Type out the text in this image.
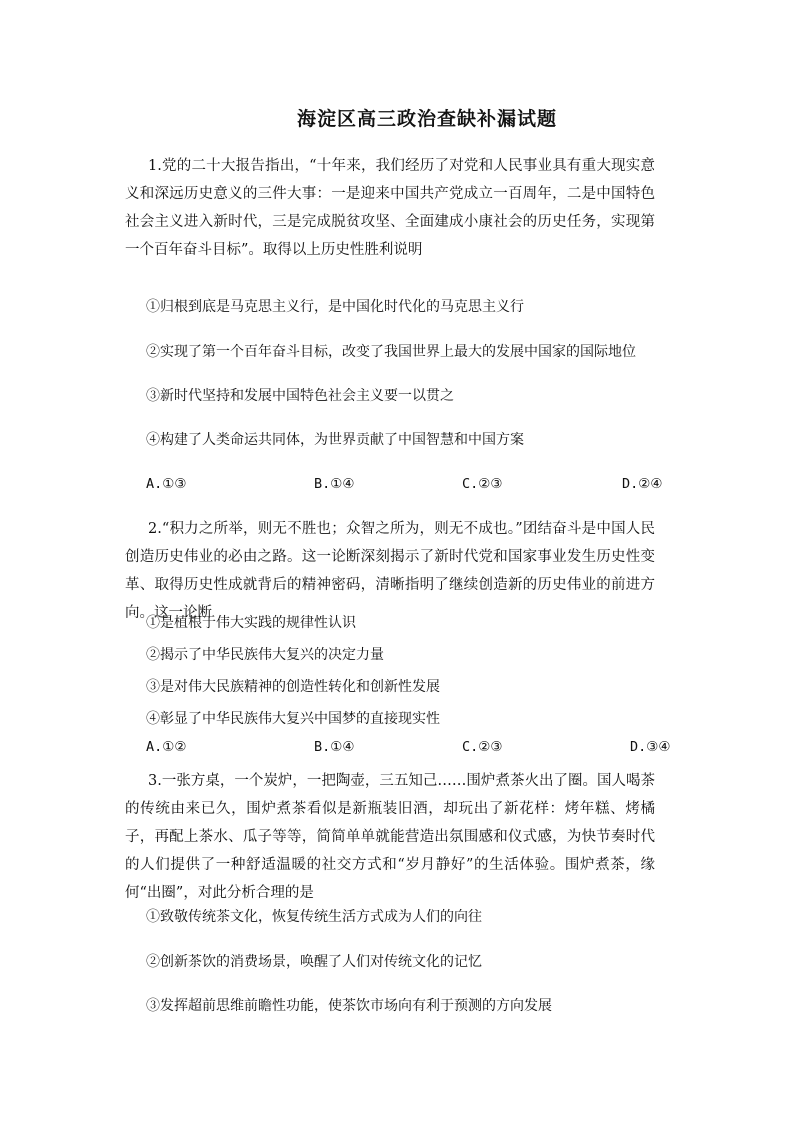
海淀区高三政治查缺补漏试题
1.党的二十大报告指出，“十年来，我们经历了对党和人民事业具有重大现实意义和深远历史意义的三件大事：一是迎来中国共产党成立一百周年，二是中国特色社会主义进入新时代，三是完成脱贫攻坚、全面建成小康社会的历史任务，实现第一个百年奋斗目标”。取得以上历史性胜利说明
①归根到底是马克思主义行，是中国化时代化的马克思主义行
②实现了第一个百年奋斗目标，改变了我国世界上最大的发展中国家的国际地位
③新时代坚持和发展中国特色社会主义要一以贯之
④构建了人类命运共同体，为世界贡献了中国智慧和中国方案
A.①③	B.①④	C.②③	D.②④
2.“积力之所举，则无不胜也；众智之所为，则无不成也。”团结奋斗是中国人民创造历史伟业的必由之路。这一论断深刻揭示了新时代党和国家事业发生历史性变革、取得历史性成就背后的精神密码，清晰指明了继续创造新的历史伟业的前进方向。这一论断
①是植根于伟大实践的规律性认识
②揭示了中华民族伟大复兴的决定力量
③是对伟大民族精神的创造性转化和创新性发展
④彰显了中华民族伟大复兴中国梦的直接现实性
A.①②	B.①④	C.②③	D.③④
3.一张方桌，一个炭炉，一把陶壶，三五知己……围炉煮茶火出了圈。国人喝茶的传统由来已久，围炉煮茶看似是新瓶装旧酒，却玩出了新花样：烤年糕、烤橘子，再配上茶水、瓜子等等，简简单单就能营造出氛围感和仪式感，为快节奏时代的人们提供了一种舒适温暖的社交方式和“岁月静好”的生活体验。围炉煮茶，缘何“出圈”，对此分析合理的是
①致敬传统茶文化，恢复传统生活方式成为人们的向往
②创新茶饮的消费场景，唤醒了人们对传统文化的记忆
③发挥超前思维前瞻性功能，使茶饮市场向有利于预测的方向发展
